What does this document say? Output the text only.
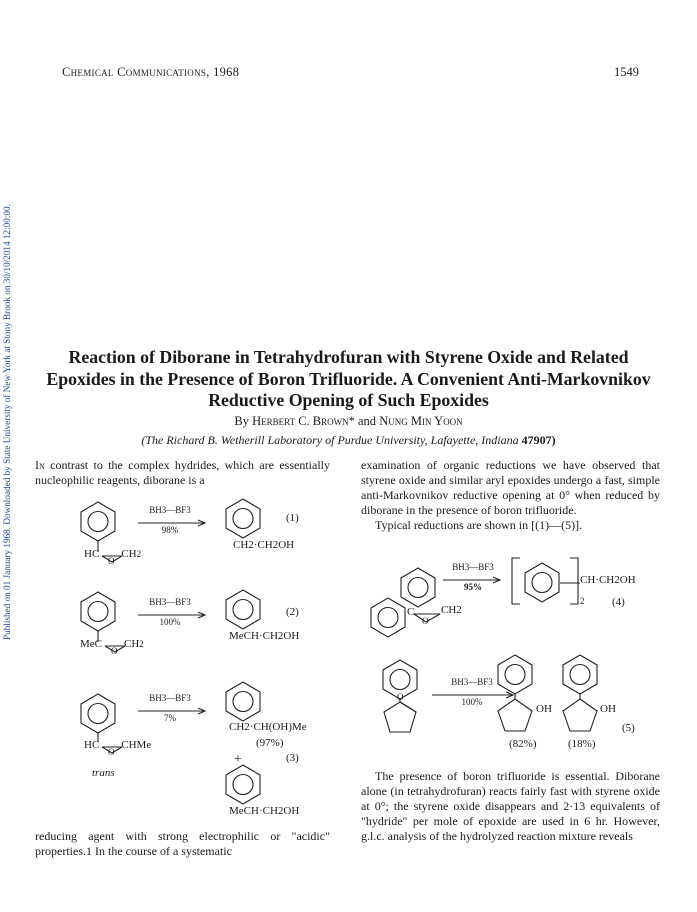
Published on 01 January 1968. Downloaded by State University of New York at Stony Brook on 30/10/2014 12:00:00.
Chemical Communications, 1968	1549
Reaction of Diborane in Tetrahydrofuran with Styrene Oxide and Related Epoxides in the Presence of Boron Trifluoride. A Convenient Anti-Markovnikov Reductive Opening of Such Epoxides
By Herbert C. Brown* and Nung Min Yoon
(The Richard B. Wetherill Laboratory of Purdue University, Lafayette, Indiana 47907)

In contrast to the complex hydrides, which are essentially nucleophilic reagents, diborane is a

HC CH2
O
BH3—BF3
98%
CH2·CH2OH
(1)
MeC CH2
O
BH3—BF3
100%
MeCH·CH2OH
(2)
HC CHMe
O
trans
BH3—BF3
7%
CH2·CH(OH)Me
(97%)
+	(3)
MeCH·CH2OH

reducing agent with strong electrophilic or "acidic" properties.1 In the course of a systematic

examination of organic reductions we have observed that styrene oxide and similar aryl epoxides undergo a fast, simple anti-Markovnikov reductive opening at 0° when reduced by diborane in the presence of boron trifluoride.

Typical reductions are shown in [(1)—(5)].

C
O
CH2
BH3—BF3
95%
CH·CH2OH
2	(4)
O
BH3—BF3
100%
OH
(82%)
OH
(18%)
(5)

The presence of boron trifluoride is essential. Diborane alone (in tetrahydrofuran) reacts fairly fast with styrene oxide at 0°; the styrene oxide disappears and 2·13 equivalents of "hydride" per mole of epoxide are used in 6 hr. However, g.l.c. analysis of the hydrolyzed reaction mixture reveals
